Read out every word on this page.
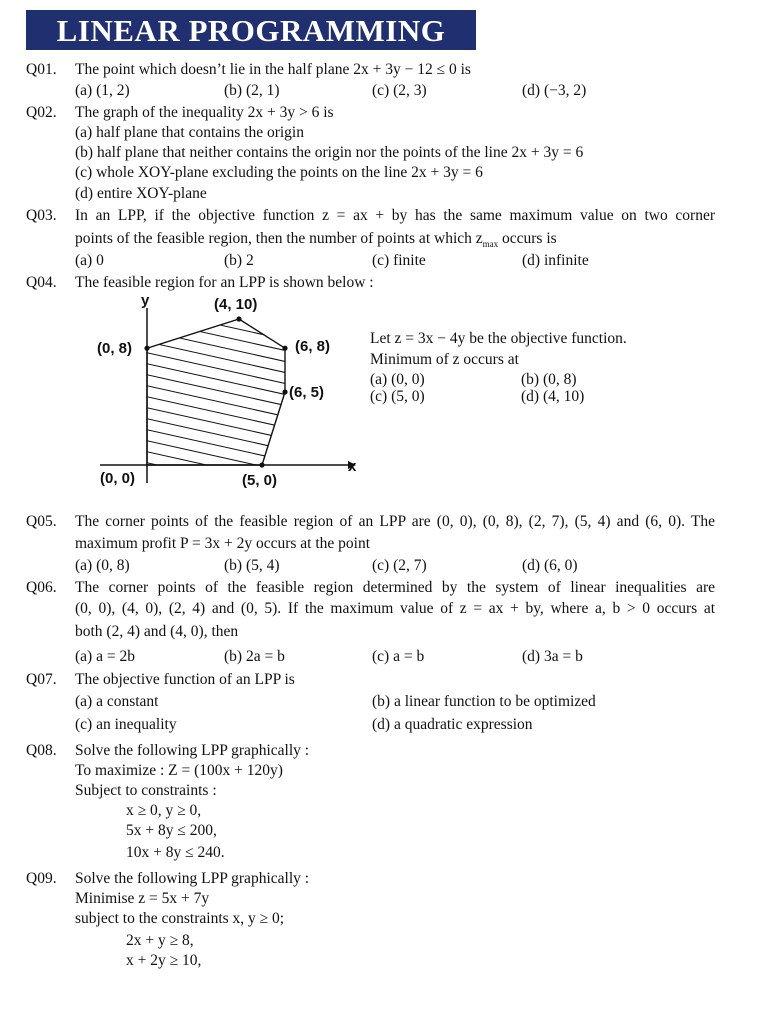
LINEAR PROGRAMMING
Q01. The point which doesn’t lie in the half plane 2x + 3y − 12 ≤ 0 is
(a) (1, 2)	(b) (2, 1)	(c) (2, 3)	(d) (−3, 2)
Q02. The graph of the inequality 2x + 3y > 6 is
(a) half plane that contains the origin
(b) half plane that neither contains the origin nor the points of the line 2x + 3y = 6
(c) whole XOY-plane excluding the points on the line 2x + 3y = 6
(d) entire XOY-plane
Q03. In an LPP, if the objective function z = ax + by has the same maximum value on two corner
points of the feasible region, then the number of points at which $z_{max}$ occurs is
(a) 0	(b) 2	(c) finite	(d) infinite
Q04. The feasible region for an LPP is shown below :
y
x
(0, 0)	(5, 0)
(6, 5)
(6, 8)
(4, 10)
(0, 8)
Let z = 3x − 4y be the objective function.
Minimum of z occurs at
(a) (0, 0)	(b) (0, 8)
(c) (5, 0)	(d) (4, 10)
Q05. The corner points of the feasible region of an LPP are (0, 0), (0, 8), (2, 7), (5, 4) and (6, 0). The
maximum profit P = 3x + 2y occurs at the point
(a) (0, 8)	(b) (5, 4)	(c) (2, 7)	(d) (6, 0)
Q06. The corner points of the feasible region determined by the system of linear inequalities are
(0, 0), (4, 0), (2, 4) and (0, 5). If the maximum value of z = ax + by, where a, b > 0 occurs at
both (2, 4) and (4, 0), then
(a) a = 2b	(b) 2a = b	(c) a = b	(d) 3a = b
Q07. The objective function of an LPP is
(a) a constant	(b) a linear function to be optimized
(c) an inequality	(d) a quadratic expression
Q08. Solve the following LPP graphically :
To maximize : Z = (100x + 120y)
Subject to constraints :
x ≥ 0, y ≥ 0,
5x + 8y ≤ 200,
10x + 8y ≤ 240.
Q09. Solve the following LPP graphically :
Minimise z = 5x + 7y
subject to the constraints x, y ≥ 0;
2x + y ≥ 8,
x + 2y ≥ 10,
